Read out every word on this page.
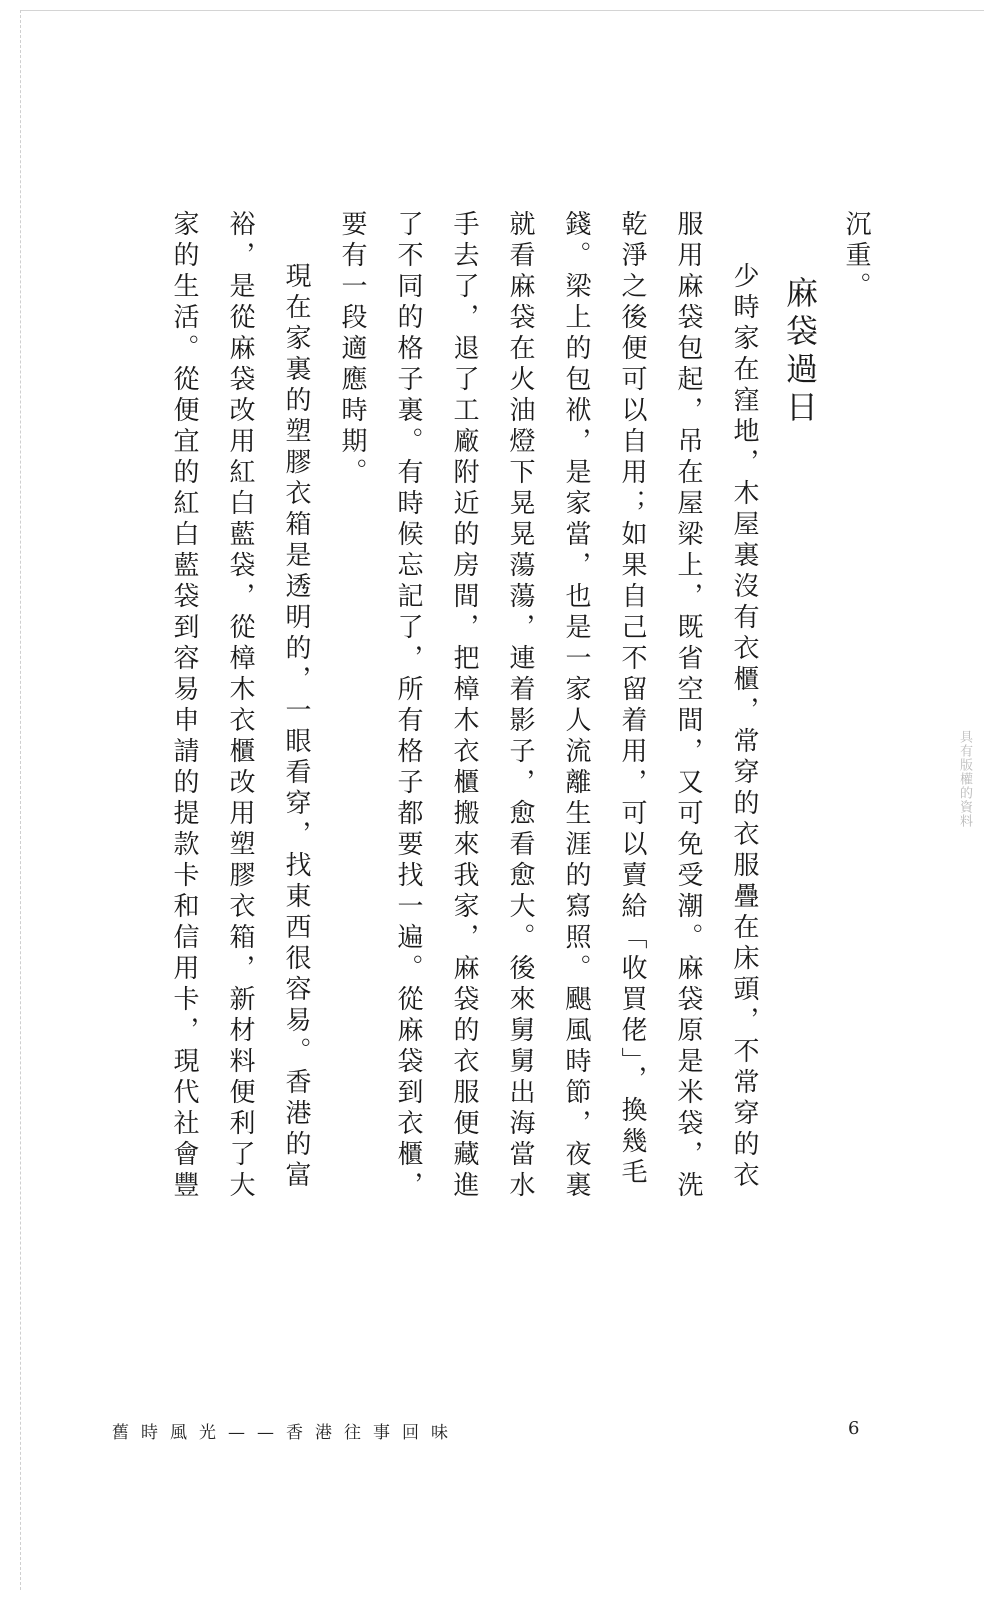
沉重。

麻袋過日

少時家在窪地，木屋裏沒有衣櫃，常穿的衣服疊在床頭，不常穿的衣服用麻袋包起，吊在屋梁上，既省空間，又可免受潮。麻袋原是米袋，洗乾淨之後便可以自用；如果自己不留着用，可以賣給「收買佬」，換幾毛錢。梁上的包袱，是家當，也是一家人流離生涯的寫照。颶風時節，夜裏就看麻袋在火油燈下晃晃蕩蕩，連着影子，愈看愈大。後來舅舅出海當水手去了，退了工廠附近的房間，把樟木衣櫃搬來我家，麻袋的衣服便藏進了不同的格子裏。有時候忘記了，所有格子都要找一遍。從麻袋到衣櫃，要有一段適應時期。

現在家裏的塑膠衣箱是透明的，一眼看穿，找東西很容易。香港的富裕，是從麻袋改用紅白藍袋，從樟木衣櫃改用塑膠衣箱，新材料便利了大家的生活。從便宜的紅白藍袋到容易申請的提款卡和信用卡，現代社會豐	具有版權的資料
舊時風光——香港往事回味	6
